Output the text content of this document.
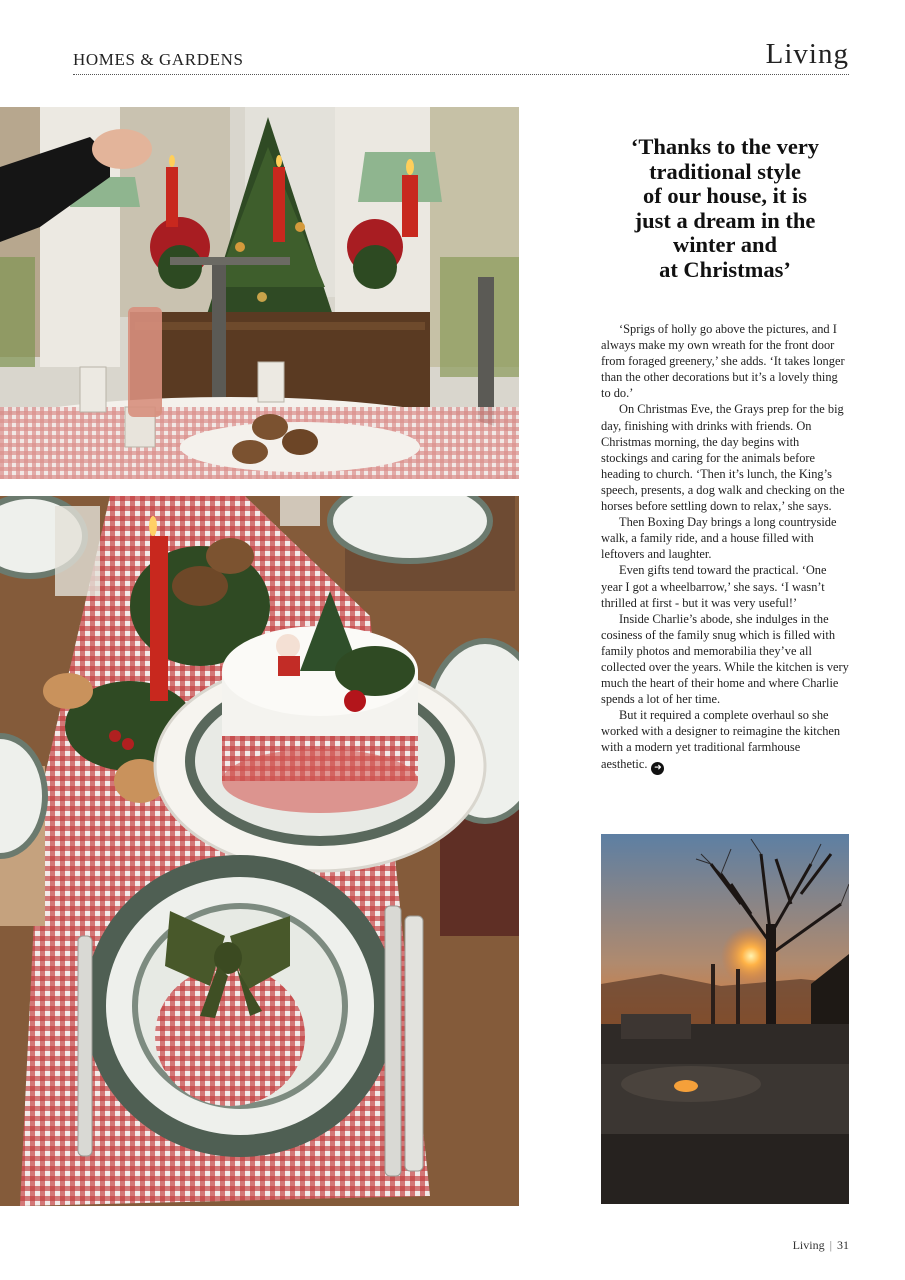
HOMES & GARDENS	Living
‘Thanks to the very
traditional style
of our house, it is
just a dream in the
winter and
at Christmas’

‘Sprigs of holly go above the pictures, and I always make my own wreath for the front door from foraged greenery,’ she adds. ‘It takes longer than the other decorations but it’s a lovely thing to do.’

On Christmas Eve, the Grays prep for the big day, finishing with drinks with friends. On Christmas morning, the day begins with stockings and caring for the animals before heading to church. ‘Then it’s lunch, the King’s speech, presents, a dog walk and checking on the horses before settling down to relax,’ she says.

Then Boxing Day brings a long countryside walk, a family ride, and a house filled with leftovers and laughter.

Even gifts tend toward the practical. ‘One year I got a wheelbarrow,’ she says. ‘I wasn’t thrilled at first - but it was very useful!’

Inside Charlie’s abode, she indulges in the cosiness of the family snug which is filled with family photos and memorabilia they’ve all collected over the years. While the kitchen is very much the heart of their home and where Charlie spends a lot of her time.

But it required a complete overhaul so she worked with a designer to reimagine the kitchen with a modern yet traditional farmhouse aesthetic. ➜

Living | 31
